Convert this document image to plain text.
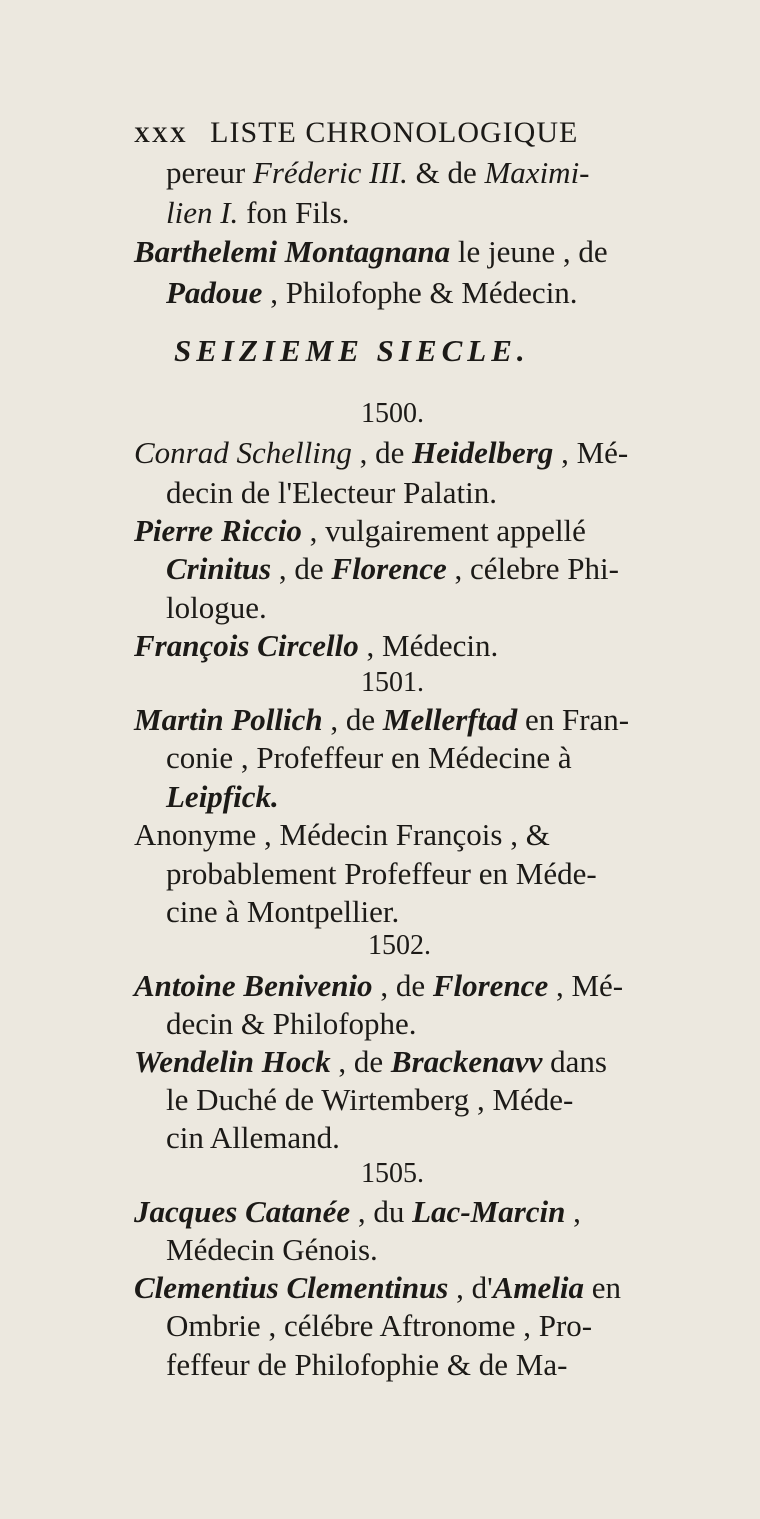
XXX LISTE CHRONOLOGIQUE
pereur Fréderic III. & de Maximi-
lien I. fon Fils.
Barthelemi Montagnana le jeune , de
Padoue , Philofophe & Médecin.
SEIZIEME SIECLE.
1500.
Conrad Schelling , de Heidelberg , Mé-
decin de l'Electeur Palatin.
Pierre Riccio , vulgairement appellé
Crinitus , de Florence , célebre Phi-
lologue.
François Circello , Médecin.
1501.
Martin Pollich , de Mellerftad en Fran-
conie , Profeffeur en Médecine à
Leipfick.
Anonyme , Médecin François , &
probablement Profeffeur en Méde-
cine à Montpellier.
1502.
Antoine Benivenio , de Florence , Mé-
decin & Philofophe.
Wendelin Hock , de Brackenavv dans
le Duché de Wirtemberg , Méde-
cin Allemand.
1505.
Jacques Catanée , du Lac-Marcin ,
Médecin Génois.
Clementius Clementinus , d'Amelia en
Ombrie , célébre Aftronome , Pro-
feffeur de Philofophie & de Ma-
